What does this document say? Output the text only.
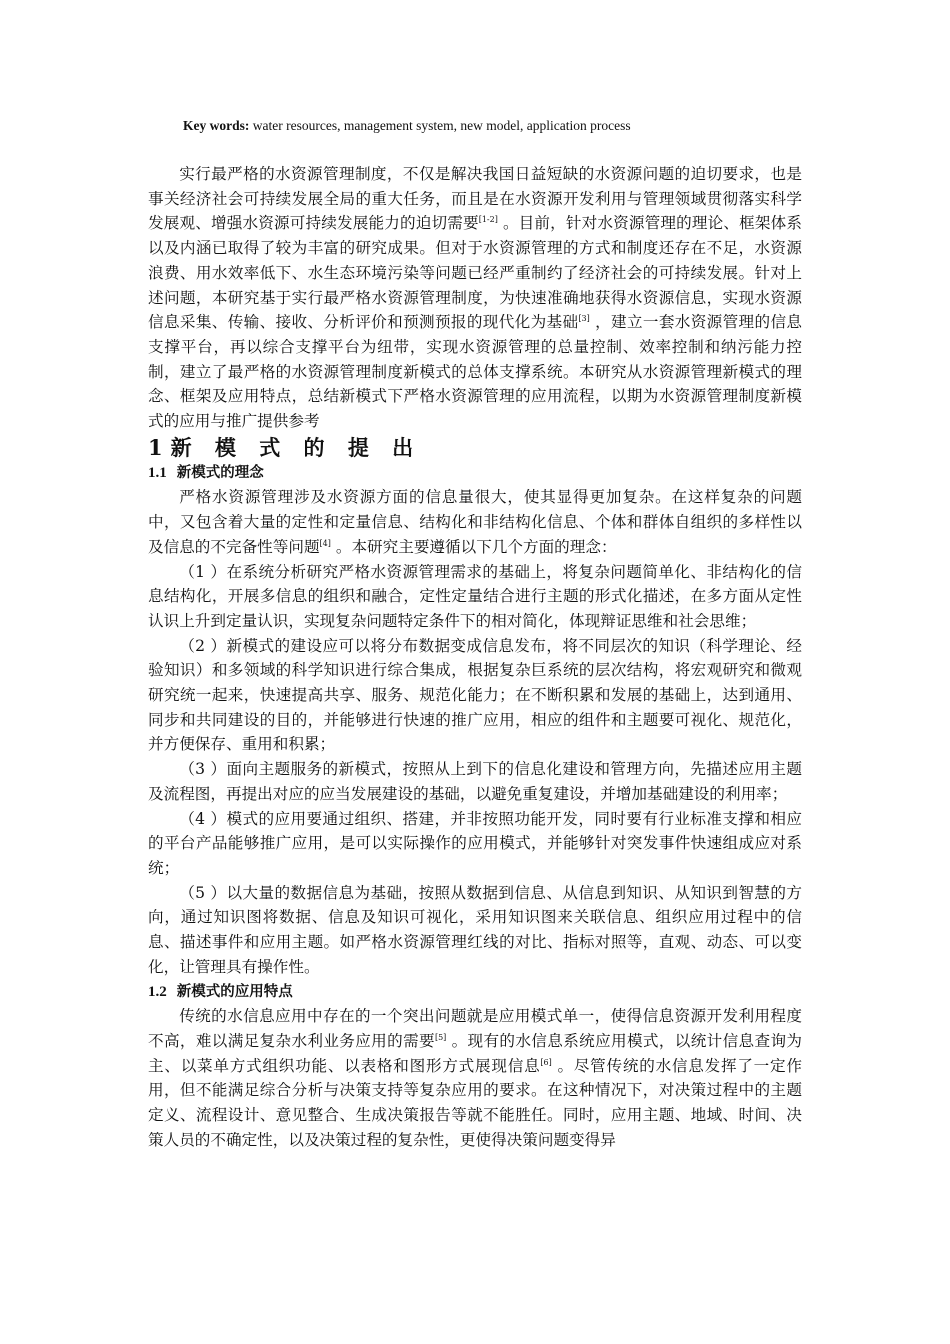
Key words: water resources, management system, new model, application process

实行最严格的水资源管理制度，不仅是解决我国日益短缺的水资源问题的迫切要求，也是事关经济社会可持续发展全局的重大任务，而且是在水资源开发利用与管理领域贯彻落实科学发展观、增强水资源可持续发展能力的迫切需要[1-2] 。目前，针对水资源管理的理论、框架体系以及内涵已取得了较为丰富的研究成果。但对于水资源管理的方式和制度还存在不足，水资源浪费、用水效率低下、水生态环境污染等问题已经严重制约了经济社会的可持续发展。针对上述问题，本研究基于实行最严格水资源管理制度，为快速准确地获得水资源信息，实现水资源信息采集、传输、接收、分析评价和预测预报的现代化为基础[3] ，建立一套水资源管理的信息支撑平台，再以综合支撑平台为纽带，实现水资源管理的总量控制、效率控制和纳污能力控制，建立了最严格的水资源管理制度新模式的总体支撑系统。本研究从水资源管理新模式的理念、框架及应用特点，总结新模式下严格水资源管理的应用流程，以期为水资源管理制度新模式的应用与推广提供参考

1新 模 式 的 提 出
1.1 新模式的理念

严格水资源管理涉及水资源方面的信息量很大，使其显得更加复杂。在这样复杂的问题中，又包含着大量的定性和定量信息、结构化和非结构化信息、个体和群体自组织的多样性以及信息的不完备性等问题[4] 。本研究主要遵循以下几个方面的理念：

（1 ）在系统分析研究严格水资源管理需求的基础上，将复杂问题简单化、非结构化的信息结构化，开展多信息的组织和融合，定性定量结合进行主题的形式化描述，在多方面从定性认识上升到定量认识，实现复杂问题特定条件下的相对简化，体现辩证思维和社会思维；

（2 ）新模式的建设应可以将分布数据变成信息发布，将不同层次的知识（科学理论、经验知识）和多领域的科学知识进行综合集成，根据复杂巨系统的层次结构，将宏观研究和微观研究统一起来，快速提高共享、服务、规范化能力；在不断积累和发展的基础上，达到通用、同步和共同建设的目的，并能够进行快速的推广应用，相应的组件和主题要可视化、规范化，并方便保存、重用和积累；

（3 ）面向主题服务的新模式，按照从上到下的信息化建设和管理方向，先描述应用主题及流程图，再提出对应的应当发展建设的基础，以避免重复建设，并增加基础建设的利用率；

（4 ）模式的应用要通过组织、搭建，并非按照功能开发，同时要有行业标准支撑和相应的平台产品能够推广应用，是可以实际操作的应用模式，并能够针对突发事件快速组成应对系统；

（5 ）以大量的数据信息为基础，按照从数据到信息、从信息到知识、从知识到智慧的方向，通过知识图将数据、信息及知识可视化，采用知识图来关联信息、组织应用过程中的信息、描述事件和应用主题。如严格水资源管理红线的对比、指标对照等，直观、动态、可以变化，让管理具有操作性。

1.2 新模式的应用特点

传统的水信息应用中存在的一个突出问题就是应用模式单一，使得信息资源开发利用程度不高，难以满足复杂水利业务应用的需要[5] 。现有的水信息系统应用模式，以统计信息查询为主、以菜单方式组织功能、以表格和图形方式展现信息[6] 。尽管传统的水信息发挥了一定作用，但不能满足综合分析与决策支持等复杂应用的要求。在这种情况下，对决策过程中的主题定义、流程设计、意见整合、生成决策报告等就不能胜任。同时，应用主题、地域、时间、决策人员的不确定性，以及决策过程的复杂性，更使得决策问题变得异
